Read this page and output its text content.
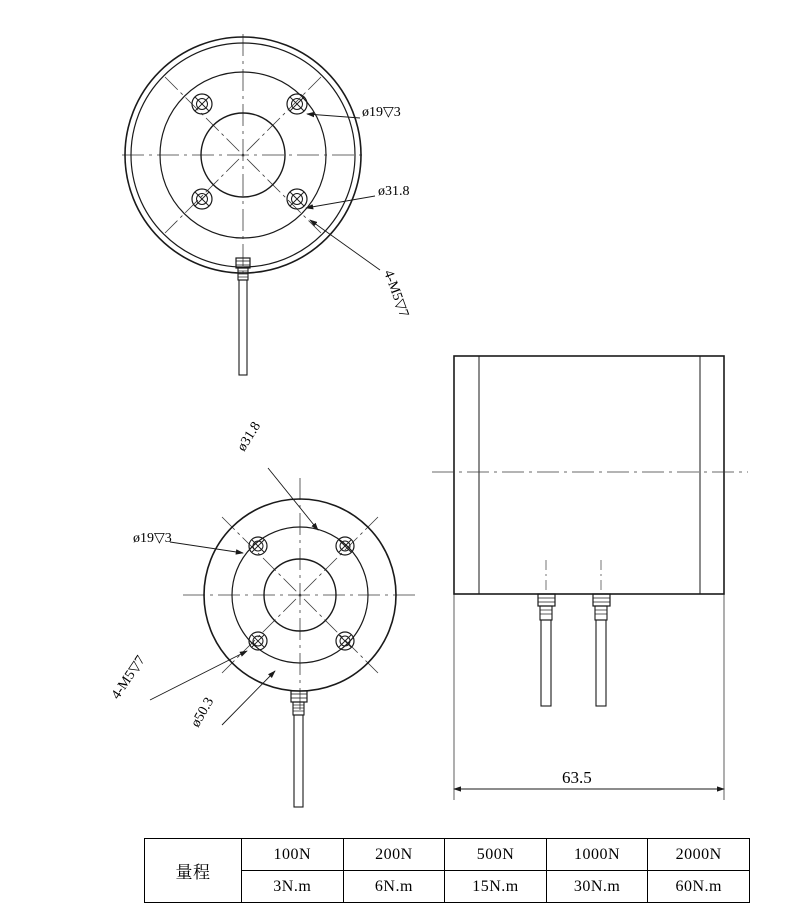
ø19▽3
ø31.8
4-M5▽7
ø31.8
ø19▽3
4-M5▽7
ø50.3
63.5
量程	100N	200N	500N	1000N	2000N
	3N.m	6N.m	15N.m	30N.m	60N.m
